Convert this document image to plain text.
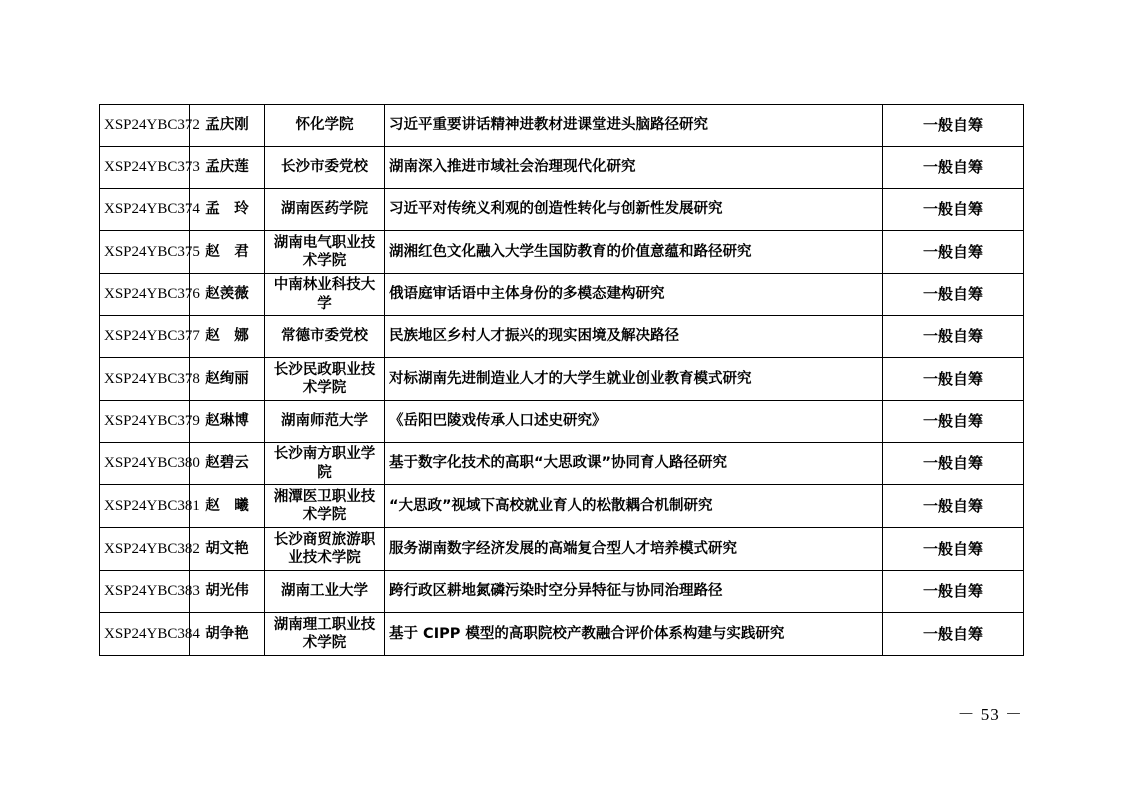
XSP24YBC372	孟庆刚	怀化学院	习近平重要讲话精神进教材进课堂进头脑路径研究	一般自筹
XSP24YBC373	孟庆莲	长沙市委党校	湖南深入推进市域社会治理现代化研究	一般自筹
XSP24YBC374	孟　玲	湖南医药学院	习近平对传统义利观的创造性转化与创新性发展研究	一般自筹
XSP24YBC375	赵　君	湖南电气职业技术学院	湖湘红色文化融入大学生国防教育的价值意蕴和路径研究	一般自筹
XSP24YBC376	赵羡薇	中南林业科技大学	俄语庭审话语中主体身份的多模态建构研究	一般自筹
XSP24YBC377	赵　娜	常德市委党校	民族地区乡村人才振兴的现实困境及解决路径	一般自筹
XSP24YBC378	赵绚丽	长沙民政职业技术学院	对标湖南先进制造业人才的大学生就业创业教育模式研究	一般自筹
XSP24YBC379	赵琳博	湖南师范大学	《岳阳巴陵戏传承人口述史研究》	一般自筹
XSP24YBC380	赵碧云	长沙南方职业学院	基于数字化技术的高职“大思政课”协同育人路径研究	一般自筹
XSP24YBC381	赵　曦	湘潭医卫职业技术学院	“大思政”视域下高校就业育人的松散耦合机制研究	一般自筹
XSP24YBC382	胡文艳	长沙商贸旅游职业技术学院	服务湖南数字经济发展的高端复合型人才培养模式研究	一般自筹
XSP24YBC383	胡光伟	湖南工业大学	跨行政区耕地氮磷污染时空分异特征与协同治理路径	一般自筹
XSP24YBC384	胡争艳	湖南理工职业技术学院	基于 CIPP 模型的高职院校产教融合评价体系构建与实践研究	一般自筹
－ 53 －
